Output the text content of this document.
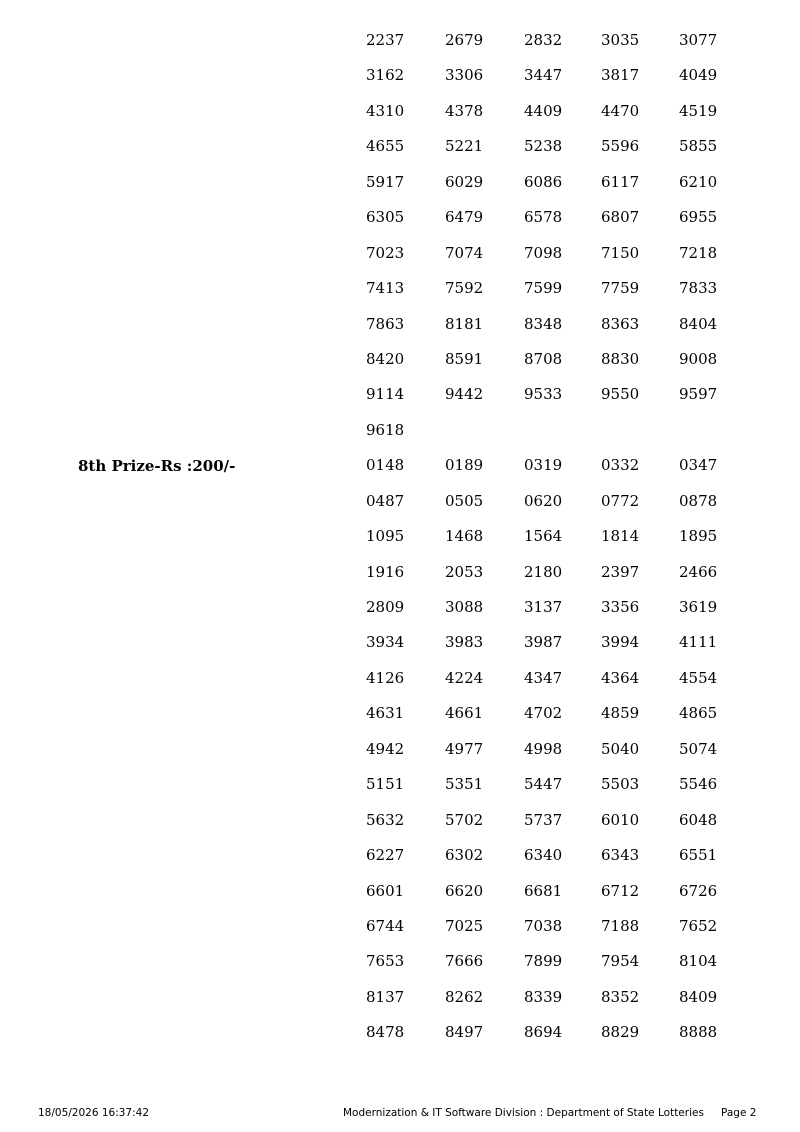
8th Prize-Rs :200/-
2237	2679	2832	3035	3077
3162	3306	3447	3817	4049
4310	4378	4409	4470	4519
4655	5221	5238	5596	5855
5917	6029	6086	6117	6210
6305	6479	6578	6807	6955
7023	7074	7098	7150	7218
7413	7592	7599	7759	7833
7863	8181	8348	8363	8404
8420	8591	8708	8830	9008
9114	9442	9533	9550	9597
9618
0148	0189	0319	0332	0347
0487	0505	0620	0772	0878
1095	1468	1564	1814	1895
1916	2053	2180	2397	2466
2809	3088	3137	3356	3619
3934	3983	3987	3994	4111
4126	4224	4347	4364	4554
4631	4661	4702	4859	4865
4942	4977	4998	5040	5074
5151	5351	5447	5503	5546
5632	5702	5737	6010	6048
6227	6302	6340	6343	6551
6601	6620	6681	6712	6726
6744	7025	7038	7188	7652
7653	7666	7899	7954	8104
8137	8262	8339	8352	8409
8478	8497	8694	8829	8888
18/05/2026 16:37:42	Modernization & IT Software Division : Department of State Lotteries Page 2
